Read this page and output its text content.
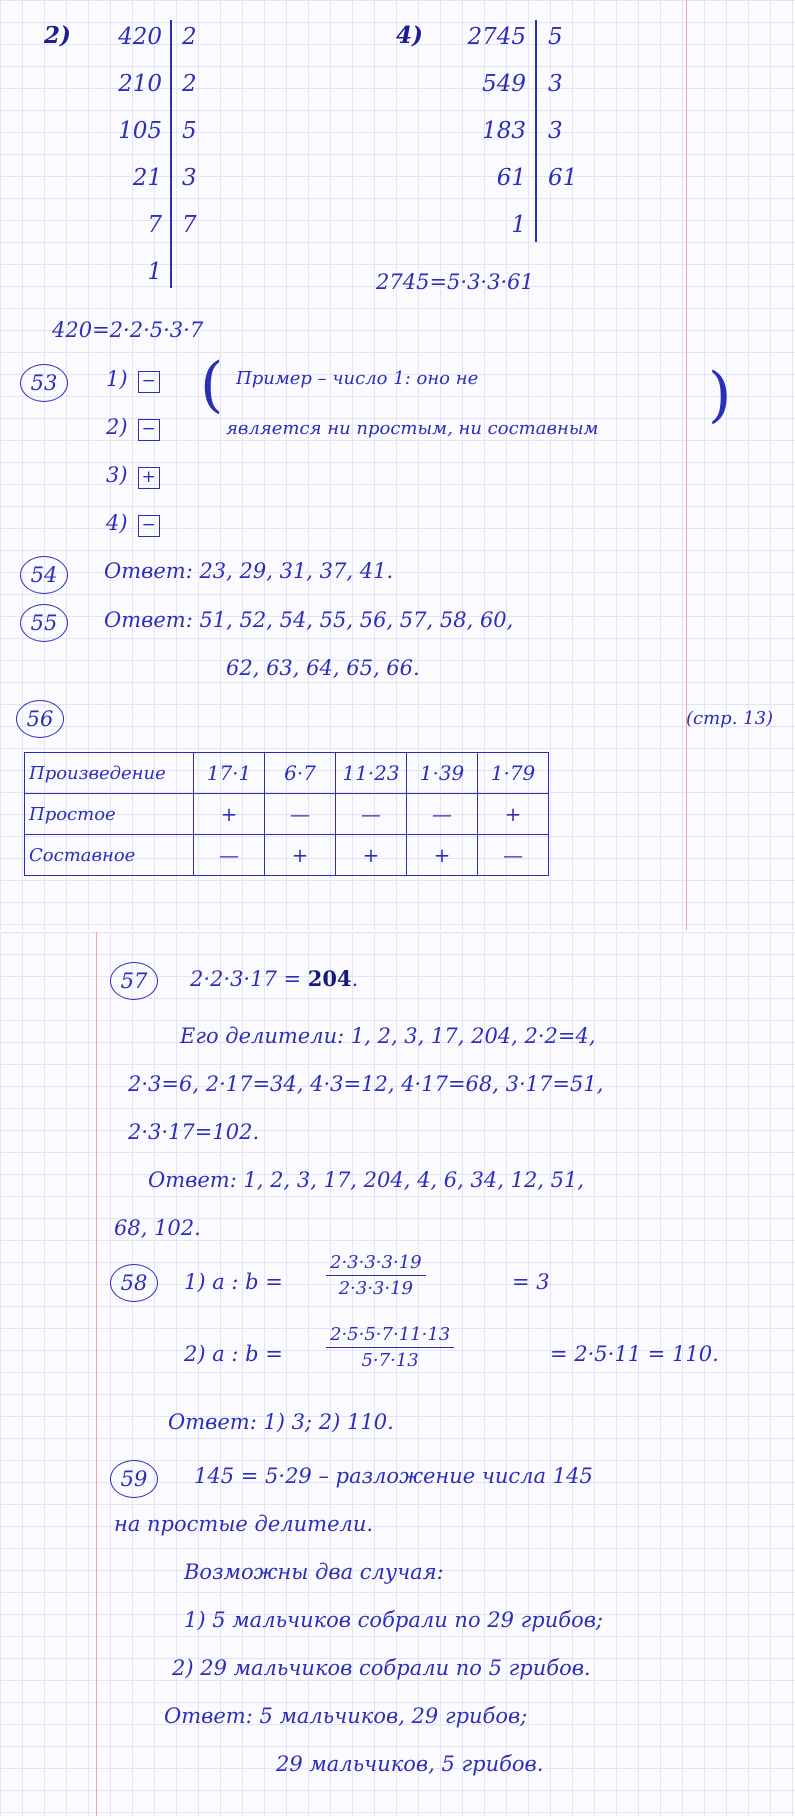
2) 420 2
210 2
105 5
21 3
7 7
1
420=2·2·5·3·7
4) 2745 5
549 3
183 3
61 61
1
2745=5·3·3·61
53	1) −
2) −
3) +
4) −
( Пример – число 1: оно не
является ни простым, ни составным )
54	Ответ: 23, 29, 31, 37, 41.
55	Ответ: 51, 52, 54, 55, 56, 57, 58, 60,
62, 63, 64, 65, 66.
56	(стр. 13)
Произведение	17·1	6·7	11·23	1·39	1·79
Простое	+	—	—	—	+
Составное	—	+	+	+	—
57	2·2·3·17 = 204.
Его делители: 1, 2, 3, 17, 204, 2·2=4,
2·3=6, 2·17=34, 4·3=12, 4·17=68, 3·17=51,
2·3·17=102.
Ответ: 1, 2, 3, 17, 204, 4, 6, 34, 12, 51,
68, 102.
58	1) a : $b = \frac{2\cdot 3\cdot 3\cdot 3\cdot 19}{2\cdot 3\cdot 3\cdot 19}$	= 3
2) a : $b = \frac{2\cdot 5\cdot 5\cdot 7\cdot 11\cdot 13}{5\cdot 7\cdot 13}$	= 2·5·11 = 110.
Ответ: 1) 3; 2) 110.
59	145 = 5·29 – разложение числа 145
на простые делители.
Возможны два случая:
1) 5 мальчиков собрали по 29 грибов;
2) 29 мальчиков собрали по 5 грибов.
Ответ: 5 мальчиков, 29 грибов;
29 мальчиков, 5 грибов.
